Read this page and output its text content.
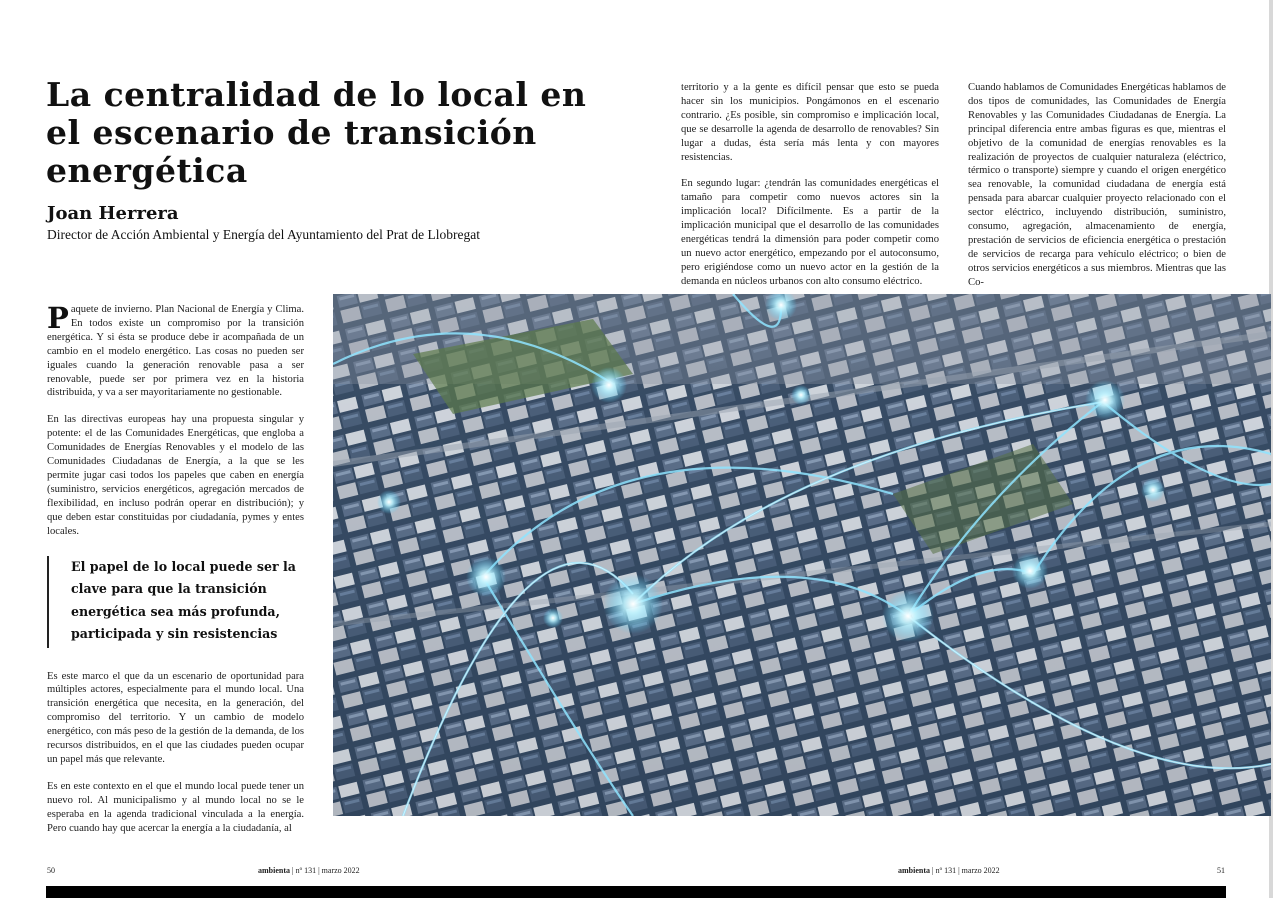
La centralidad de lo local en el escenario de transición energética
Joan Herrera

Director de Acción Ambiental y Energía del Ayuntamiento del Prat de Llobregat

Paquete de invierno. Plan Nacional de Energía y Clima. En todos existe un compromiso por la transición energética. Y si ésta se produce debe ir acompañada de un cambio en el modelo energético. Las cosas no pueden ser iguales cuando la generación renovable pasa a ser renovable, puede ser por primera vez en la historia distribuida, y va a ser mayoritariamente no gestionable.

En las directivas europeas hay una propuesta singular y potente: el de las Comunidades Energéticas, que engloba a Comunidades de Energías Renovables y el modelo de las Comunidades Ciudadanas de Energía, a la que se les permite jugar casi todos los papeles que caben en energía (suministro, servicios energéticos, agregación mercados de flexibilidad, en incluso podrán operar en distribución); y que deben estar constituidas por ciudadanía, pymes y entes locales.

El papel de lo local puede ser la clave para que la transición energética sea más profunda, participada y sin resistencias

Es este marco el que da un escenario de oportunidad para múltiples actores, especialmente para el mundo local. Una transición energética que necesita, en la generación, del compromiso del territorio. Y un cambio de modelo energético, con más peso de la gestión de la demanda, de los recursos distribuidos, en el que las ciudades pueden ocupar un papel más que relevante.

Es en este contexto en el que el mundo local puede tener un nuevo rol. Al municipalismo y al mundo local no se le esperaba en la agenda tradicional vinculada a la energía. Pero cuando hay que acercar la energía a la ciudadanía, al

territorio y a la gente es difícil pensar que esto se pueda hacer sin los municipios. Pongámonos en el escenario contrario. ¿Es posible, sin compromiso e implicación local, que se desarrolle la agenda de desarrollo de renovables? Sin lugar a dudas, ésta sería más lenta y con mayores resistencias.

En segundo lugar: ¿tendrán las comunidades energéticas el tamaño para competir como nuevos actores sin la implicación local? Difícilmente. Es a partir de la implicación municipal que el desarrollo de las comunidades energéticas tendrá la dimensión para poder competir como un nuevo actor energético, empezando por el autoconsumo, pero erigiéndose como un nuevo actor en la gestión de la demanda en núcleos urbanos con alto consumo eléctrico.

Cuando hablamos de Comunidades Energéticas hablamos de dos tipos de comunidades, las Comunidades de Energía Renovables y las Comunidades Ciudadanas de Energía. La principal diferencia entre ambas figuras es que, mientras el objetivo de la comunidad de energías renovables es la realización de proyectos de cualquier naturaleza (eléctrico, térmico o transporte) siempre y cuando el origen energético sea renovable, la comunidad ciudadana de energía está pensada para abarcar cualquier proyecto relacionado con el sector eléctrico, incluyendo distribución, suministro, consumo, agregación, almacenamiento de energía, prestación de servicios de eficiencia energética o prestación de servicios de recarga para vehículo eléctrico; o bien de otros servicios energéticos a sus miembros. Mientras que las Co-

50	ambienta | nº 131 | marzo 2022	ambienta | nº 131 | marzo 2022	51
